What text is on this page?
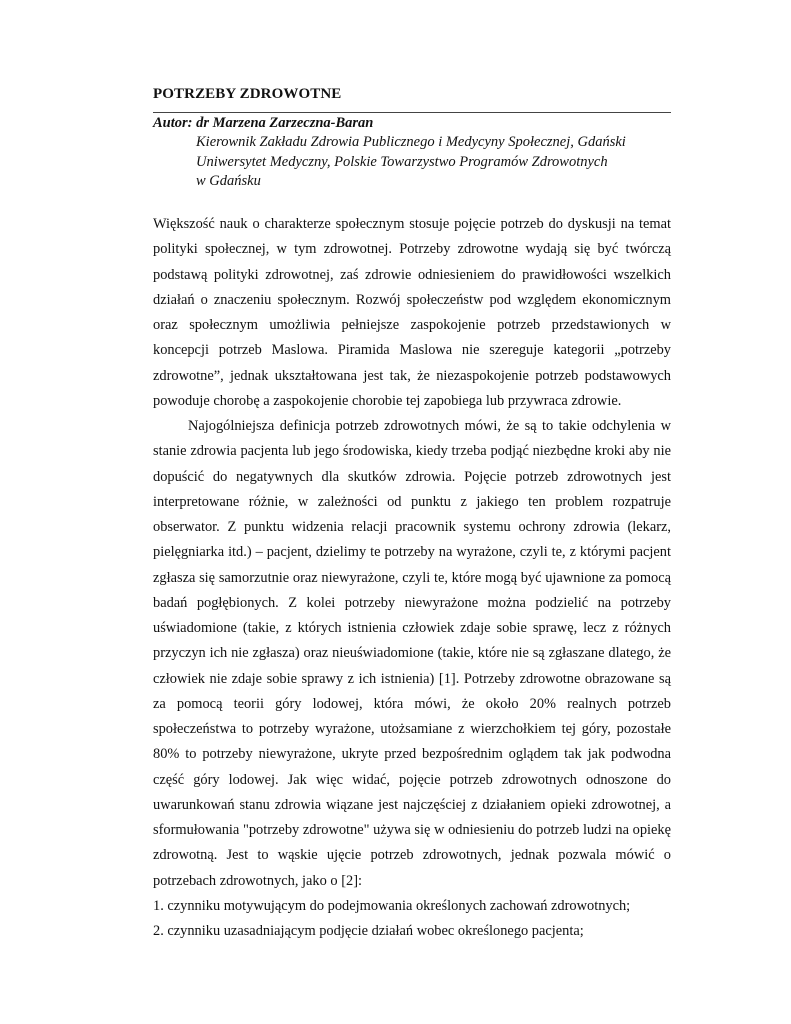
POTRZEBY ZDROWOTNE
Autor: dr Marzena Zarzeczna-Baran
Kierownik Zakładu Zdrowia Publicznego i Medycyny Społecznej, Gdański
Uniwersytet Medyczny, Polskie Towarzystwo Programów Zdrowotnych
w Gdańsku

Większość nauk o charakterze społecznym stosuje pojęcie potrzeb do dyskusji na temat polityki społecznej, w tym zdrowotnej. Potrzeby zdrowotne wydają się być twórczą podstawą polityki zdrowotnej, zaś zdrowie odniesieniem do prawidłowości wszelkich działań o znaczeniu społecznym. Rozwój społeczeństw pod względem ekonomicznym oraz społecznym umożliwia pełniejsze zaspokojenie potrzeb przedstawionych w koncepcji potrzeb Maslowa. Piramida Maslowa nie szereguje kategorii „potrzeby zdrowotne”, jednak ukształtowana jest tak, że niezaspokojenie potrzeb podstawowych powoduje chorobę a zaspokojenie chorobie tej zapobiega lub przywraca zdrowie.

Najogólniejsza definicja potrzeb zdrowotnych mówi, że są to takie odchylenia w stanie zdrowia pacjenta lub jego środowiska, kiedy trzeba podjąć niezbędne kroki aby nie dopuścić do negatywnych dla skutków zdrowia. Pojęcie potrzeb zdrowotnych jest interpretowane różnie, w zależności od punktu z jakiego ten problem rozpatruje obserwator. Z punktu widzenia relacji pracownik systemu ochrony zdrowia (lekarz, pielęgniarka itd.) – pacjent, dzielimy te potrzeby na wyrażone, czyli te, z którymi pacjent zgłasza się samorzutnie oraz niewyrażone, czyli te, które mogą być ujawnione za pomocą badań pogłębionych. Z kolei potrzeby niewyrażone można podzielić na potrzeby uświadomione (takie, z których istnienia człowiek zdaje sobie sprawę, lecz z różnych przyczyn ich nie zgłasza) oraz nieuświadomione (takie, które nie są zgłaszane dlatego, że człowiek nie zdaje sobie sprawy z ich istnienia) [1]. Potrzeby zdrowotne obrazowane są za pomocą teorii góry lodowej, która mówi, że około 20% realnych potrzeb społeczeństwa to potrzeby wyrażone, utożsamiane z wierzchołkiem tej góry, pozostałe 80% to potrzeby niewyrażone, ukryte przed bezpośrednim oglądem tak jak podwodna część góry lodowej. Jak więc widać, pojęcie potrzeb zdrowotnych odnoszone do uwarunkowań stanu zdrowia wiązane jest najczęściej z działaniem opieki zdrowotnej, a sformułowania "potrzeby zdrowotne" używa się w odniesieniu do potrzeb ludzi na opiekę zdrowotną. Jest to wąskie ujęcie potrzeb zdrowotnych, jednak pozwala mówić o potrzebach zdrowotnych, jako o [2]:

1. czynniku motywującym do podejmowania określonych zachowań zdrowotnych;

2. czynniku uzasadniającym podjęcie działań wobec określonego pacjenta;
